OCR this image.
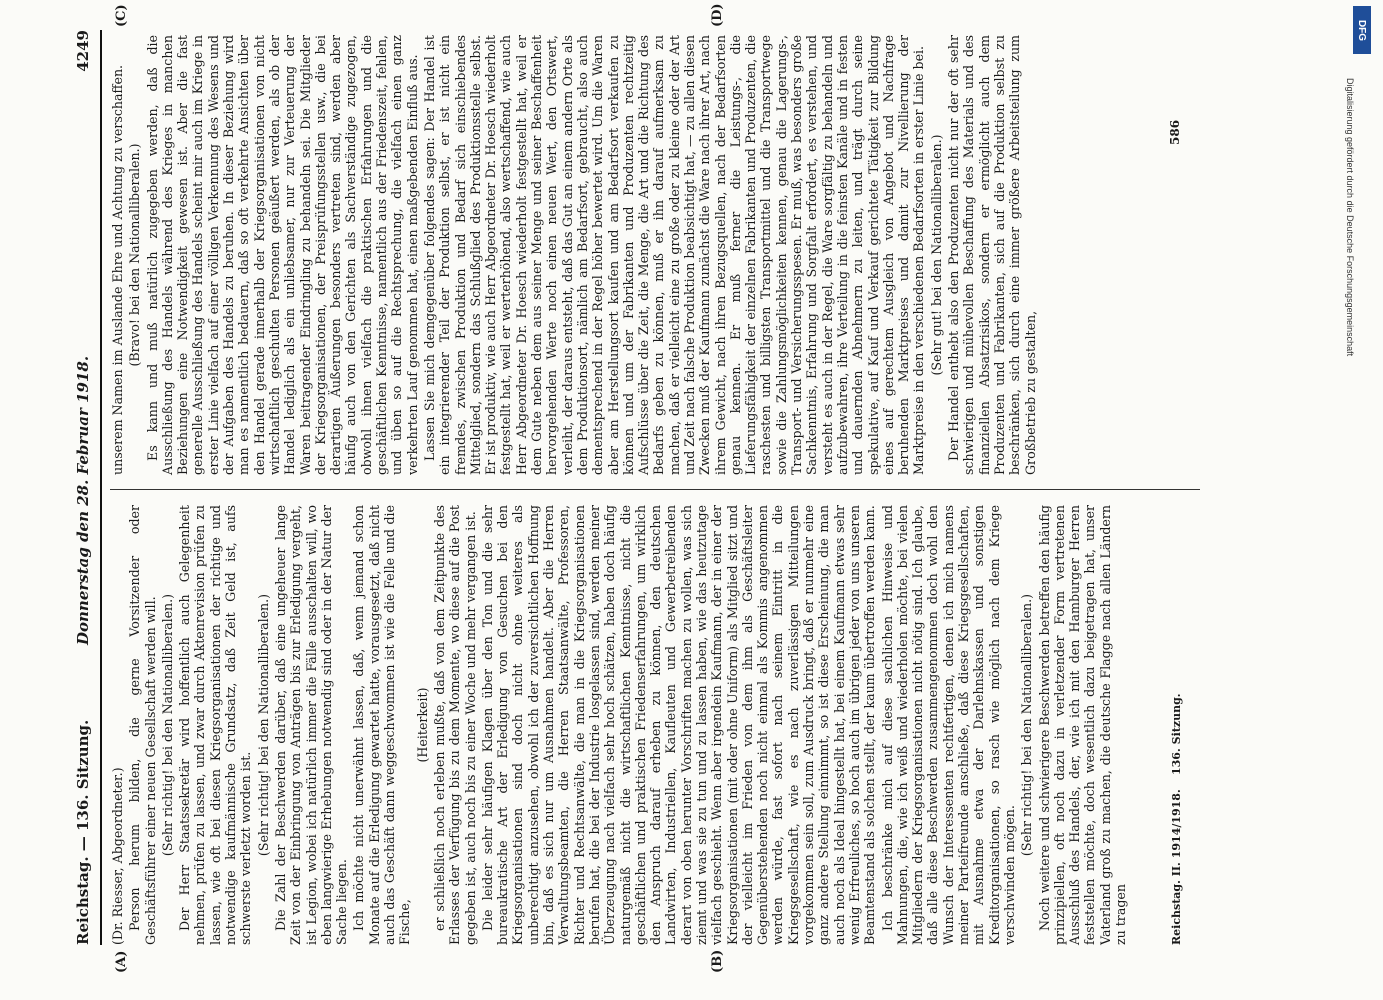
Reichstag. — 136. Sitzung.
Donnerstag den 28. Februar 1918.
4249
(A)	(B)
(C)	(D)

(Dr. Riesser, Abgeordneter.) Person herum bilden, die gerne Vorsitzender oder Geschäftsführer einer neuen Gesellschaft werden will. (Sehr richtig! bei den Nationalliberalen.) Der Herr Staatssekretär wird hoffentlich auch Gelegenheit nehmen, prüfen zu lassen, und zwar durch Aktenrevision prüfen zu lassen, wie oft bei diesen Kriegsorganisationen der richtige und notwendige kaufmännische Grundsatz, daß Zeit Geld ist, aufs schwerste verletzt worden ist. (Sehr richtig! bei den Nationalliberalen.) Die Zahl der Beschwerden darüber, daß eine ungeheuer lange Zeit von der Einbringung von Anträgen bis zur Erledigung vergeht, ist Legion, wobei ich natürlich immer die Fälle ausschalten will, wo eben langwierige Erhebungen notwendig sind oder in der Natur der Sache liegen. Ich möchte nicht unerwähnt lassen, daß, wenn jemand schon Monate auf die Erledigung gewartet hatte, vorausgesetzt, daß nicht auch das Geschäft dann weggeschwommen ist wie die Felle und die Fische,

(Heiterkeit) er schließlich noch erleben mußte, daß von dem Zeitpunkte des Erlasses der Verfügung bis zu dem Momente, wo diese auf die Post gegeben ist, auch noch bis zu einer Woche und mehr vergangen ist. Die leider sehr häufigen Klagen über den Ton und die sehr bureaukratische Art der Erledigung von Gesuchen bei den Kriegsorganisationen sind doch nicht ohne weiteres als unberechtigt anzusehen, obwohl ich der zuversichtlichen Hoffnung bin, daß es sich nur um Ausnahmen handelt. Aber die Herren Verwaltungsbeamten, die Herren Staatsanwälte, Professoren, Richter und Rechtsanwälte, die man in die Kriegsorganisationen berufen hat, die bei der Industrie losgelassen sind, werden meiner Überzeugung nach vielfach sehr hoch schätzen, haben doch häufig naturgemäß nicht die wirtschaftlichen Kenntnisse, nicht die geschäftlichen und praktischen Friedenserfahrungen, um wirklich den Anspruch darauf erheben zu können, den deutschen Landwirten, Industriellen, Kaufleuten und Gewerbetreibenden derart von oben herunter Vorschriften machen zu wollen, was sich ziemt und was sie zu tun und zu lassen haben, wie das heutzutage vielfach geschieht. Wenn aber irgendein Kaufmann, der in einer der Kriegsorganisationen (mit oder ohne Uniform) als Mitglied sitzt und der vielleicht im Frieden von dem ihm als Geschäftsleiter Gegenüberstehenden noch nicht einmal als Kommis angenommen werden würde, fast sofort nach seinem Eintritt in die Kriegsgesellschaft, wie es nach zuverlässigen Mitteilungen vorgekommen sein soll, zum Ausdruck bringt, daß er nunmehr eine ganz andere Stellung einnimmt, so ist diese Erscheinung, die man auch noch als Ideal hingestellt hat, bei einem Kaufmann etwas sehr wenig Erfreuliches, so hoch auch im übrigen jeder von uns unseren Beamtenstand als solchen stellt, der kaum übertroffen werden kann. Ich beschränke mich auf diese sachlichen Hinweise und Mahnungen, die, wie ich weiß und wiederholen möchte, bei vielen Mitgliedern der Kriegsorganisationen nicht nötig sind. Ich glaube, daß alle diese Beschwerden zusammengenommen doch wohl den Wunsch der Interessenten rechtfertigen, denen ich mich namens meiner Parteifreunde anschließe, daß diese Kriegsgesellschaften, mit Ausnahme etwa der Darlehnskassen und sonstigen Kreditorganisationen, so rasch wie möglich nach dem Kriege verschwinden mögen.

(Sehr richtig! bei den Nationalliberalen.) Noch weitere und schwierigere Beschwerden betreffen den häufig prinzipiellen, oft noch dazu in verletzender Form vertretenen Ausschluß des Handels, der, wie ich mit den Hamburger Herren feststellen möchte, doch wesentlich dazu beigetragen hat, unser Vaterland groß zu machen, die deutsche Flagge nach allen Ländern zu tragen

unserem Namen im Auslande Ehre und Achtung zu verschaffen. (Bravo! bei den Nationalliberalen.) Es kann und muß natürlich zugegeben werden, daß die Ausschließung des Handels während des Krieges in manchen Beziehungen eine Notwendigkeit gewesen ist. Aber die fast generelle Ausschließung des Handels scheint mir auch im Kriege in erster Linie vielfach auf einer völligen Verkennung des Wesens und der Aufgaben des Handels zu beruhen. In dieser Beziehung wird man es namentlich bedauern, daß so oft verkehrte Ansichten über den Handel gerade innerhalb der Kriegsorganisationen von nicht wirtschaftlich geschulten Personen geäußert werden, als ob der Handel lediglich als ein unliebsamer, nur zur Verteuerung der Waren beitragender Eindringling zu behandeln sei. Die Mitglieder der Kriegsorganisationen, der Preisprüfungsstellen usw., die bei derartigen Äußerungen besonders vertreten sind, werden aber häufig auch von den Gerichten als Sachverständige zugezogen, obwohl ihnen vielfach die praktischen Erfahrungen und die geschäftlichen Kenntnisse, namentlich aus der Friedenszeit, fehlen, und üben so auf die Rechtsprechung, die vielfach einen ganz verkehrten Lauf genommen hat, einen maßgebenden Einfluß aus. Lassen Sie mich demgegenüber folgendes sagen: Der Handel ist ein integrierender Teil der Produktion selbst, er ist nicht ein fremdes, zwischen Produktion und Bedarf sich einschiebendes Mittelglied, sondern das Schlußglied des Produktionsstelle selbst. Er ist produktiv, wie auch Herr Abgeordneter Dr. Hoesch wiederholt festgestellt hat, weil er werterhöhend, also wertschaffend, wie auch Herr Abgeordneter Dr. Hoesch wiederholt festgestellt hat, weil er dem Gute neben dem aus seiner Menge und seiner Beschaffenheit hervorgehenden Werte noch einen neuen Wert, den Ortswert, verleiht, der daraus entsteht, daß das Gut an einem andern Orte als dem Produktionsort, nämlich am Bedarfsort, gebraucht, also auch dementsprechend in der Regel höher bewertet wird. Um die Waren aber am Herstellungsort kaufen und am Bedarfsort verkaufen zu können und um der Fabrikanten und Produzenten rechtzeitig Aufschlüsse über die Zeit, die Menge, die Art und die Richtung des Bedarfs geben zu können, muß er ihn darauf aufmerksam zu machen, daß er vielleicht eine zu große oder zu kleine oder der Art und Zeit nach falsche Produktion beabsichtigt hat, — zu allen diesen Zwecken muß der Kaufmann zunächst die Ware nach ihrer Art, nach ihrem Gewicht, nach ihren Bezugsquellen, nach der Bedarfsorten genau kennen. Er muß ferner die Leistungs-, die Lieferungsfähigkeit der einzelnen Fabrikanten und Produzenten, die raschesten und billigsten Transportmittel und die Transportwege sowie die Zahlungsmöglichkeiten kennen, genau die Lagerungs-, Transport- und Versicherungsspesen. Er muß, was besonders große Sachkenntnis, Erfahrung und Sorgfalt erfordert, es verstehen, und versteht es auch in der Regel, die Ware sorgfältig zu behandeln und aufzubewahren, ihre Verteilung in die feinsten Kanäle und in festen und dauernden Abnehmern zu leiten, und trägt durch seine spekulative, auf Kauf und Verkauf gerichtete Tätigkeit zur Bildung eines auf gerechtem Ausgleich von Angebot und Nachfrage beruhenden Marktpreises und damit zur Nivellierung der Marktpreise in den verschiedenen Bedarfsorten in erster Linie bei. (Sehr gut! bei den Nationalliberalen.) Der Handel enthebt also den Produzenten nicht nur der oft sehr schwierigen und mühevollen Beschaffung des Materials und des finanziellen Absatzrisikos, sondern er ermöglicht auch dem Produzenten und Fabrikanten, sich auf die Produktion selbst zu beschränken, sich durch eine immer größere Arbeitsteilung zum Großbetrieb zu gestalten,

Reichstag. II. 1914/1918.
136. Sitzung.
586
DFG
Digitalisierung gefördert durch die Deutsche Forschungsgemeinschaft
